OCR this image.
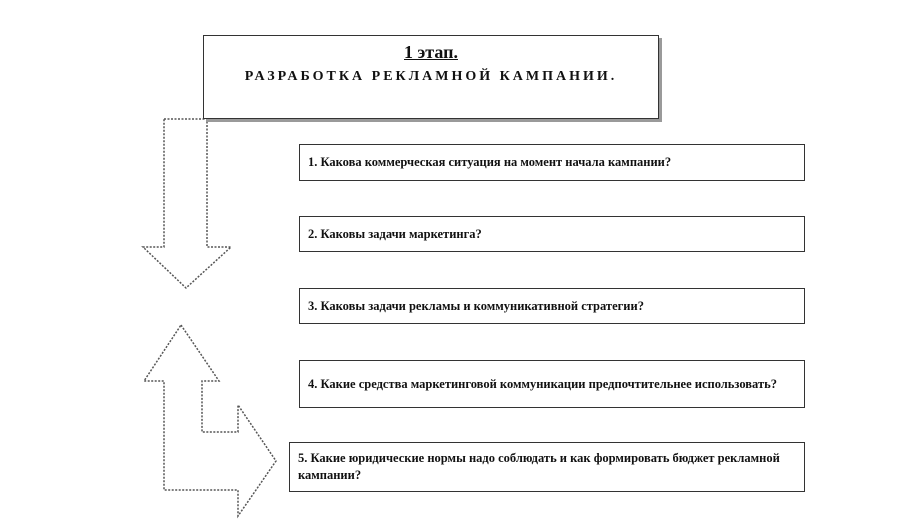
1 этап.
РАЗРАБОТКА РЕКЛАМНОЙ КАМПАНИИ.
1. Какова коммерческая ситуация на момент начала кампании?
2. Каковы задачи маркетинга?
3. Каковы задачи рекламы и коммуникативной стратегии?
4. Какие средства маркетинговой коммуникации предпочтительнее использовать?
5. Какие юридические нормы надо соблюдать и как формировать бюджет рекламной кампании?
